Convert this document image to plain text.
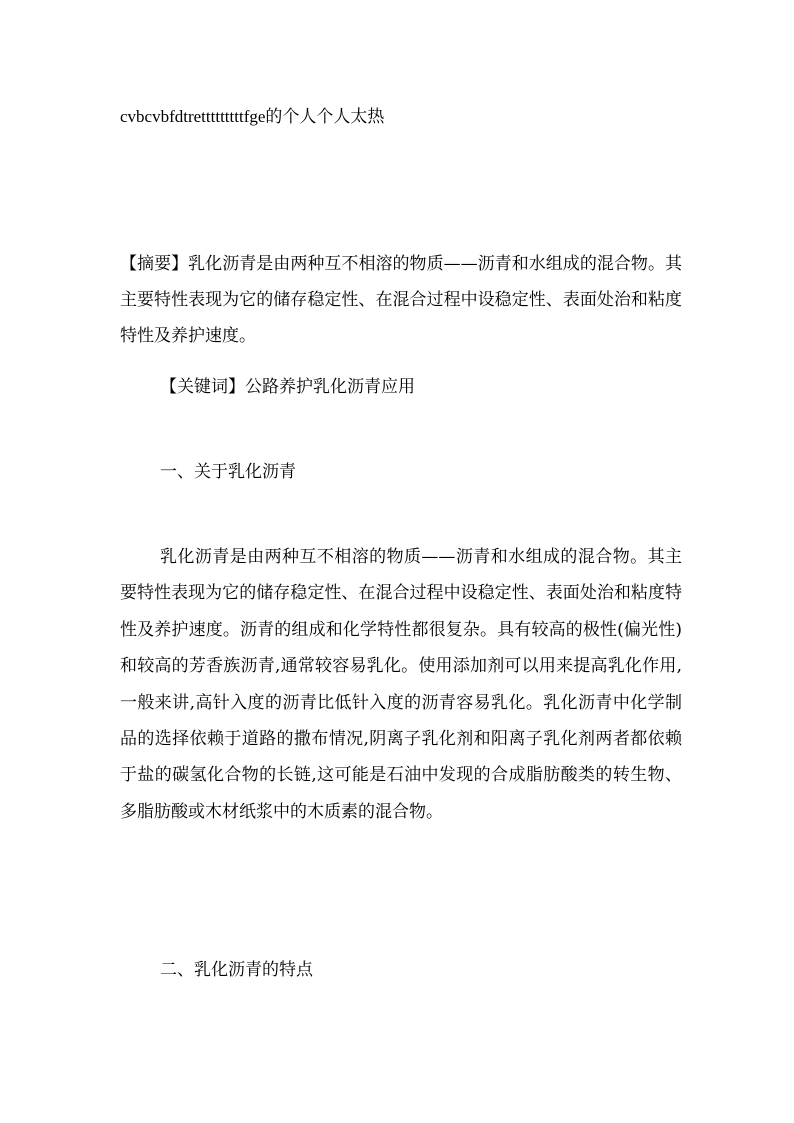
cvbcvbfdtretttttttttfge的个人个人太热
【摘要】乳化沥青是由两种互不相溶的物质——沥青和水组成的混合物。其主要特性表现为它的储存稳定性、在混合过程中设稳定性、表面处治和粘度特性及养护速度。
【关键词】公路养护乳化沥青应用
一、关于乳化沥青
乳化沥青是由两种互不相溶的物质——沥青和水组成的混合物。其主要特性表现为它的储存稳定性、在混合过程中设稳定性、表面处治和粘度特性及养护速度。沥青的组成和化学特性都很复杂。具有较高的极性(偏光性)和较高的芳香族沥青,通常较容易乳化。使用添加剂可以用来提高乳化作用,一般来讲,高针入度的沥青比低针入度的沥青容易乳化。乳化沥青中化学制品的选择依赖于道路的撒布情况,阴离子乳化剂和阳离子乳化剂两者都依赖于盐的碳氢化合物的长链,这可能是石油中发现的合成脂肪酸类的转生物、多脂肪酸或木材纸浆中的木质素的混合物。
二、乳化沥青的特点
